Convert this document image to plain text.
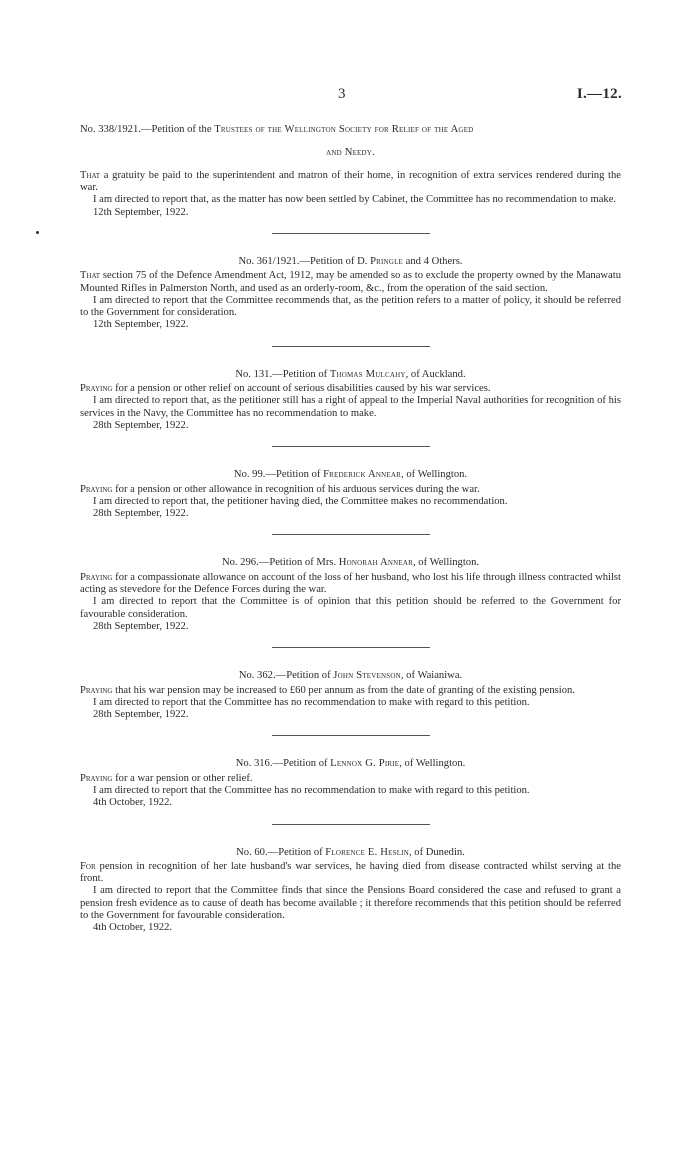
3	I.—12.

No. 338/1921.—Petition of the Trustees of the Wellington Society for Relief of the Aged

and Needy.

That a gratuity be paid to the superintendent and matron of their home, in recognition of extra services rendered during the war.

I am directed to report that, as the matter has now been settled by Cabinet, the Committee has no recommendation to make.

12th September, 1922.

No. 361/1921.—Petition of D. Pringle and 4 Others.

That section 75 of the Defence Amendment Act, 1912, may be amended so as to exclude the property owned by the Manawatu Mounted Rifles in Palmerston North, and used as an orderly-room, &c., from the operation of the said section.

I am directed to report that the Committee recommends that, as the petition refers to a matter of policy, it should be referred to the Government for consideration.

12th September, 1922.

No. 131.—Petition of Thomas Mulcahy, of Auckland.

Praying for a pension or other relief on account of serious disabilities caused by his war services.

I am directed to report that, as the petitioner still has a right of appeal to the Imperial Naval authorities for recognition of his services in the Navy, the Committee has no recommendation to make.

28th September, 1922.

No. 99.—Petition of Frederick Annear, of Wellington.

Praying for a pension or other allowance in recognition of his arduous services during the war.

I am directed to report that, the petitioner having died, the Committee makes no recommendation.

28th September, 1922.

No. 296.—Petition of Mrs. Honorah Annear, of Wellington.

Praying for a compassionate allowance on account of the loss of her husband, who lost his life through illness contracted whilst acting as stevedore for the Defence Forces during the war.

I am directed to report that the Committee is of opinion that this petition should be referred to the Government for favourable consideration.

28th September, 1922.

No. 362.—Petition of John Stevenson, of Waianiwa.

Praying that his war pension may be increased to £60 per annum as from the date of granting of the existing pension.

I am directed to report that the Committee has no recommendation to make with regard to this petition.

28th September, 1922.

No. 316.—Petition of Lennox G. Pirie, of Wellington.

Praying for a war pension or other relief.

I am directed to report that the Committee has no recommendation to make with regard to this petition.

4th October, 1922.

No. 60.—Petition of Florence E. Heslin, of Dunedin.

For pension in recognition of her late husband's war services, he having died from disease contracted whilst serving at the front.

I am directed to report that the Committee finds that since the Pensions Board considered the case and refused to grant a pension fresh evidence as to cause of death has become available ; it therefore recommends that this petition should be referred to the Government for favourable consideration.

4th October, 1922.
